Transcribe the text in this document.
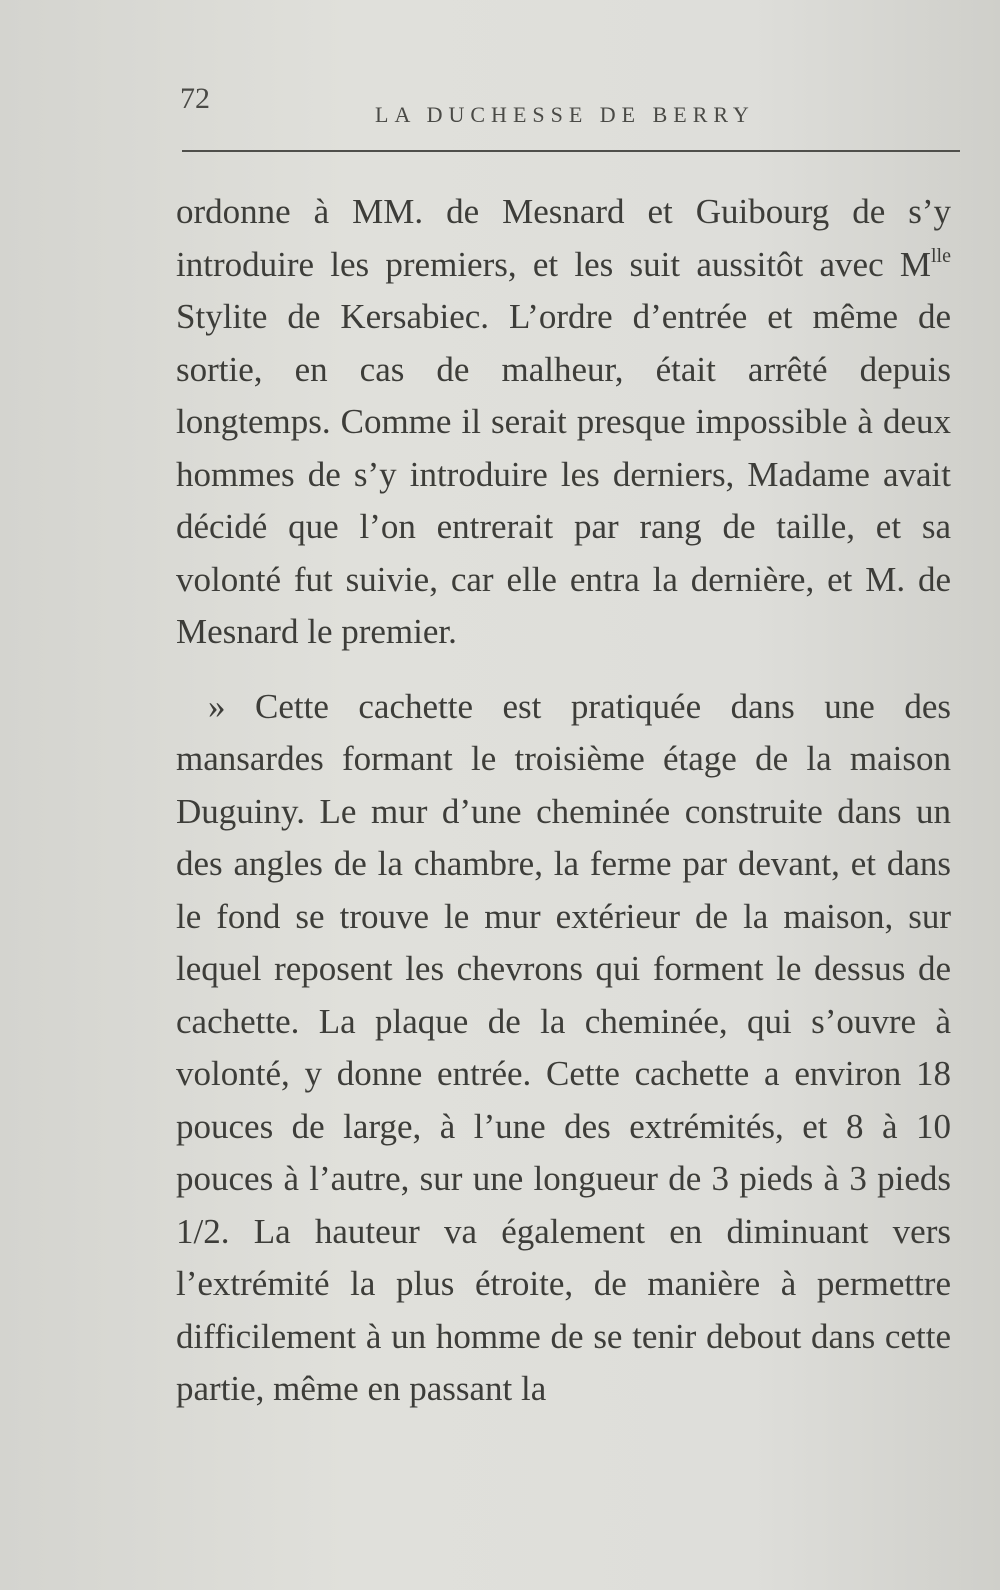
72	LA DUCHESSE DE BERRY

ordonne à MM. de Mesnard et Guibourg de s’y introduire les premiers, et les suit aussitôt avec $M^{lle}$ Stylite de Kersabiec. L’ordre d’entrée et même de sortie, en cas de malheur, était arrêté depuis longtemps. Comme il serait presque impossible à deux hommes de s’y introduire les derniers, Madame avait décidé que l’on entrerait par rang de taille, et sa volonté fut suivie, car elle entra la dernière, et M. de Mesnard le premier.

» Cette cachette est pratiquée dans une des mansardes formant le troisième étage de la maison Duguiny. Le mur d’une cheminée construite dans un des angles de la chambre, la ferme par devant, et dans le fond se trouve le mur extérieur de la maison, sur lequel reposent les chevrons qui forment le dessus de cachette. La plaque de la cheminée, qui s’ouvre à volonté, y donne entrée. Cette cachette a environ 18 pouces de large, à l’une des extrémités, et 8 à 10 pouces à l’autre, sur une longueur de 3 pieds à 3 pieds 1/2. La hauteur va également en diminuant vers l’extrémité la plus étroite, de manière à permettre difficilement à un homme de se tenir debout dans cette partie, même en passant la
